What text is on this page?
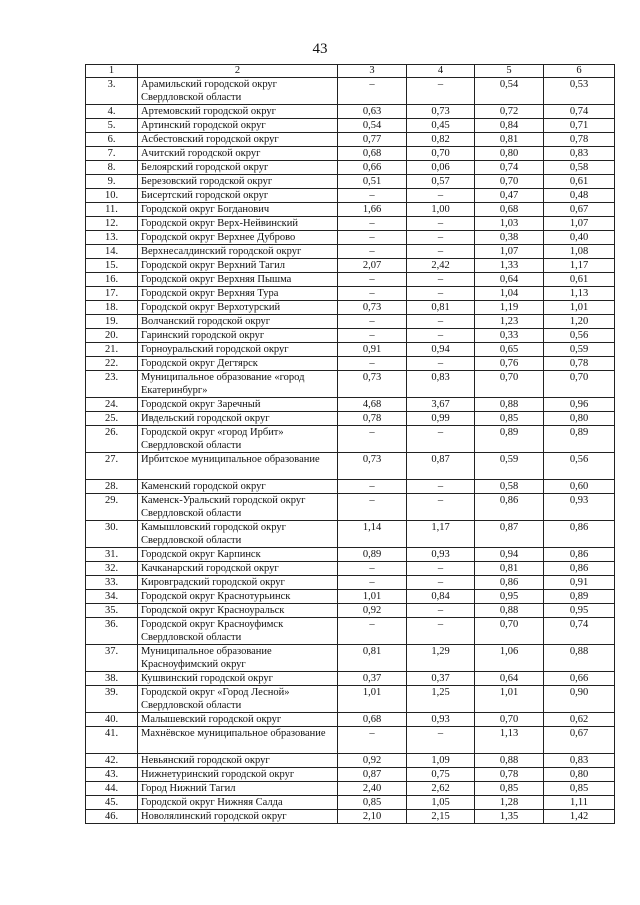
43
1	2	3	4	5	6
3.	Арамильский городской округ Свердловской области	–	–	0,54	0,53
4.	Артемовский городской округ	0,63	0,73	0,72	0,74
5.	Артинский городской округ	0,54	0,45	0,84	0,71
6.	Асбестовский городской округ	0,77	0,82	0,81	0,78
7.	Ачитский городской округ	0,68	0,70	0,80	0,83
8.	Белоярский городской округ	0,66	0,06	0,74	0,58
9.	Березовский городской округ	0,51	0,57	0,70	0,61
10.	Бисертский городской округ	–	–	0,47	0,48
11.	Городской округ Богданович	1,66	1,00	0,68	0,67
12.	Городской округ Верх-Нейвинский	–	–	1,03	1,07
13.	Городской округ Верхнее Дуброво	–	–	0,38	0,40
14.	Верхнесалдинский городской округ	–	–	1,07	1,08
15.	Городской округ Верхний Тагил	2,07	2,42	1,33	1,17
16.	Городской округ Верхняя Пышма	–	–	0,64	0,61
17.	Городской округ Верхняя Тура	–	–	1,04	1,13
18.	Городской округ Верхотурский	0,73	0,81	1,19	1,01
19.	Волчанский городской округ	–	–	1,23	1,20
20.	Гаринский городской округ	–	–	0,33	0,56
21.	Горноуральский городской округ	0,91	0,94	0,65	0,59
22.	Городской округ Дегтярск	–	–	0,76	0,78
23.	Муниципальное образование «город Екатеринбург»	0,73	0,83	0,70	0,70
24.	Городской округ Заречный	4,68	3,67	0,88	0,96
25.	Ивдельский городской округ	0,78	0,99	0,85	0,80
26.	Городской округ «город Ирбит» Свердловской области	–	–	0,89	0,89
27.	Ирбитское муниципальное образование	0,73	0,87	0,59	0,56
28.	Каменский городской округ	–	–	0,58	0,60
29.	Каменск-Уральский городской округ Свердловской области	–	–	0,86	0,93
30.	Камышловский городской округ Свердловской области	1,14	1,17	0,87	0,86
31.	Городской округ Карпинск	0,89	0,93	0,94	0,86
32.	Качканарский городской округ	–	–	0,81	0,86
33.	Кировградский городской округ	–	–	0,86	0,91
34.	Городской округ Краснотурьинск	1,01	0,84	0,95	0,89
35.	Городской округ Красноуральск	0,92	–	0,88	0,95
36.	Городской округ Красноуфимск Свердловской области	–	–	0,70	0,74
37.	Муниципальное образование Красноуфимский округ	0,81	1,29	1,06	0,88
38.	Кушвинский городской округ	0,37	0,37	0,64	0,66
39.	Городской округ «Город Лесной» Свердловской области	1,01	1,25	1,01	0,90
40.	Малышевский городской округ	0,68	0,93	0,70	0,62
41.	Махнёвское муниципальное образование	–	–	1,13	0,67
42.	Невьянский городской округ	0,92	1,09	0,88	0,83
43.	Нижнетуринский городской округ	0,87	0,75	0,78	0,80
44.	Город Нижний Тагил	2,40	2,62	0,85	0,85
45.	Городской округ Нижняя Салда	0,85	1,05	1,28	1,11
46.	Новолялинский городской округ	2,10	2,15	1,35	1,42
